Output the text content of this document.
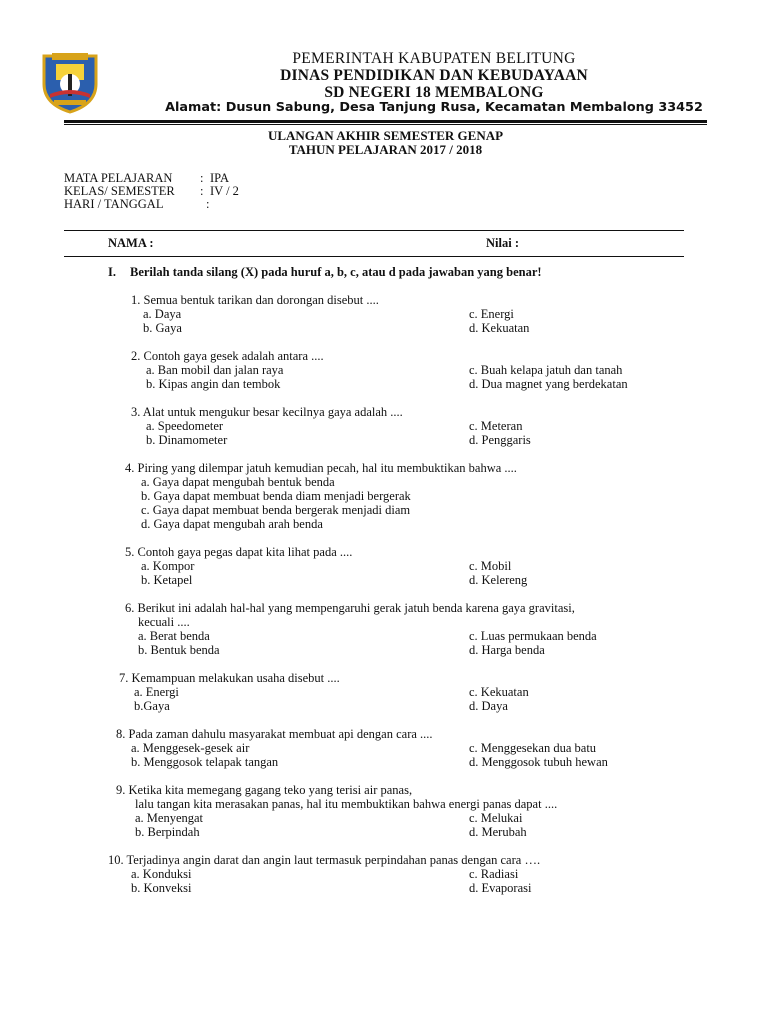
PEMERINTAH KABUPATEN BELITUNG
DINAS PENDIDIKAN DAN KEBUDAYAAN
SD NEGERI 18 MEMBALONG
Alamat: Dusun Sabung, Desa Tanjung Rusa, Kecamatan Membalong 33452
ULANGAN AKHIR SEMESTER GENAP
TAHUN PELAJARAN 2017 / 2018
MATA PELAJARAN : IPA
KELAS/ SEMESTER : IV / 2
HARI / TANGGAL	:
NAMA :	Nilai :
I. Berilah tanda silang (X) pada huruf a, b, c, atau d pada jawaban yang benar!
1. Semua bentuk tarikan dan dorongan disebut ....
a. Daya
b. Gaya
c. Energi
d. Kekuatan
2. Contoh gaya gesek adalah antara ....
a. Ban mobil dan jalan raya
b. Kipas angin dan tembok
c. Buah kelapa jatuh dan tanah
d. Dua magnet yang berdekatan
3. Alat untuk mengukur besar kecilnya gaya adalah ....
a. Speedometer
b. Dinamometer
c. Meteran
d. Penggaris
4. Piring yang dilempar jatuh kemudian pecah, hal itu membuktikan bahwa ....
a. Gaya dapat mengubah bentuk benda
b. Gaya dapat membuat benda diam menjadi bergerak
c. Gaya dapat membuat benda bergerak menjadi diam
d. Gaya dapat mengubah arah benda
5. Contoh gaya pegas dapat kita lihat pada ....
a. Kompor
b. Ketapel
c. Mobil
d. Kelereng
6. Berikut ini adalah hal-hal yang mempengaruhi gerak jatuh benda karena gaya gravitasi,
kecuali ....
a. Berat benda
b. Bentuk benda
c. Luas permukaan benda
d. Harga benda
7. Kemampuan melakukan usaha disebut ....
a. Energi
b.Gaya
c. Kekuatan
d. Daya
8. Pada zaman dahulu masyarakat membuat api dengan cara ....
a. Menggesek-gesek air
b. Menggosok telapak tangan
c. Menggesekan dua batu
d. Menggosok tubuh hewan
9. Ketika kita memegang gagang teko yang terisi air panas,
lalu tangan kita merasakan panas, hal itu membuktikan bahwa energi panas dapat ....
a. Menyengat
b. Berpindah
c. Melukai
d. Merubah
10. Terjadinya angin darat dan angin laut termasuk perpindahan panas dengan cara ….
a. Konduksi
b. Konveksi
c. Radiasi
d. Evaporasi
